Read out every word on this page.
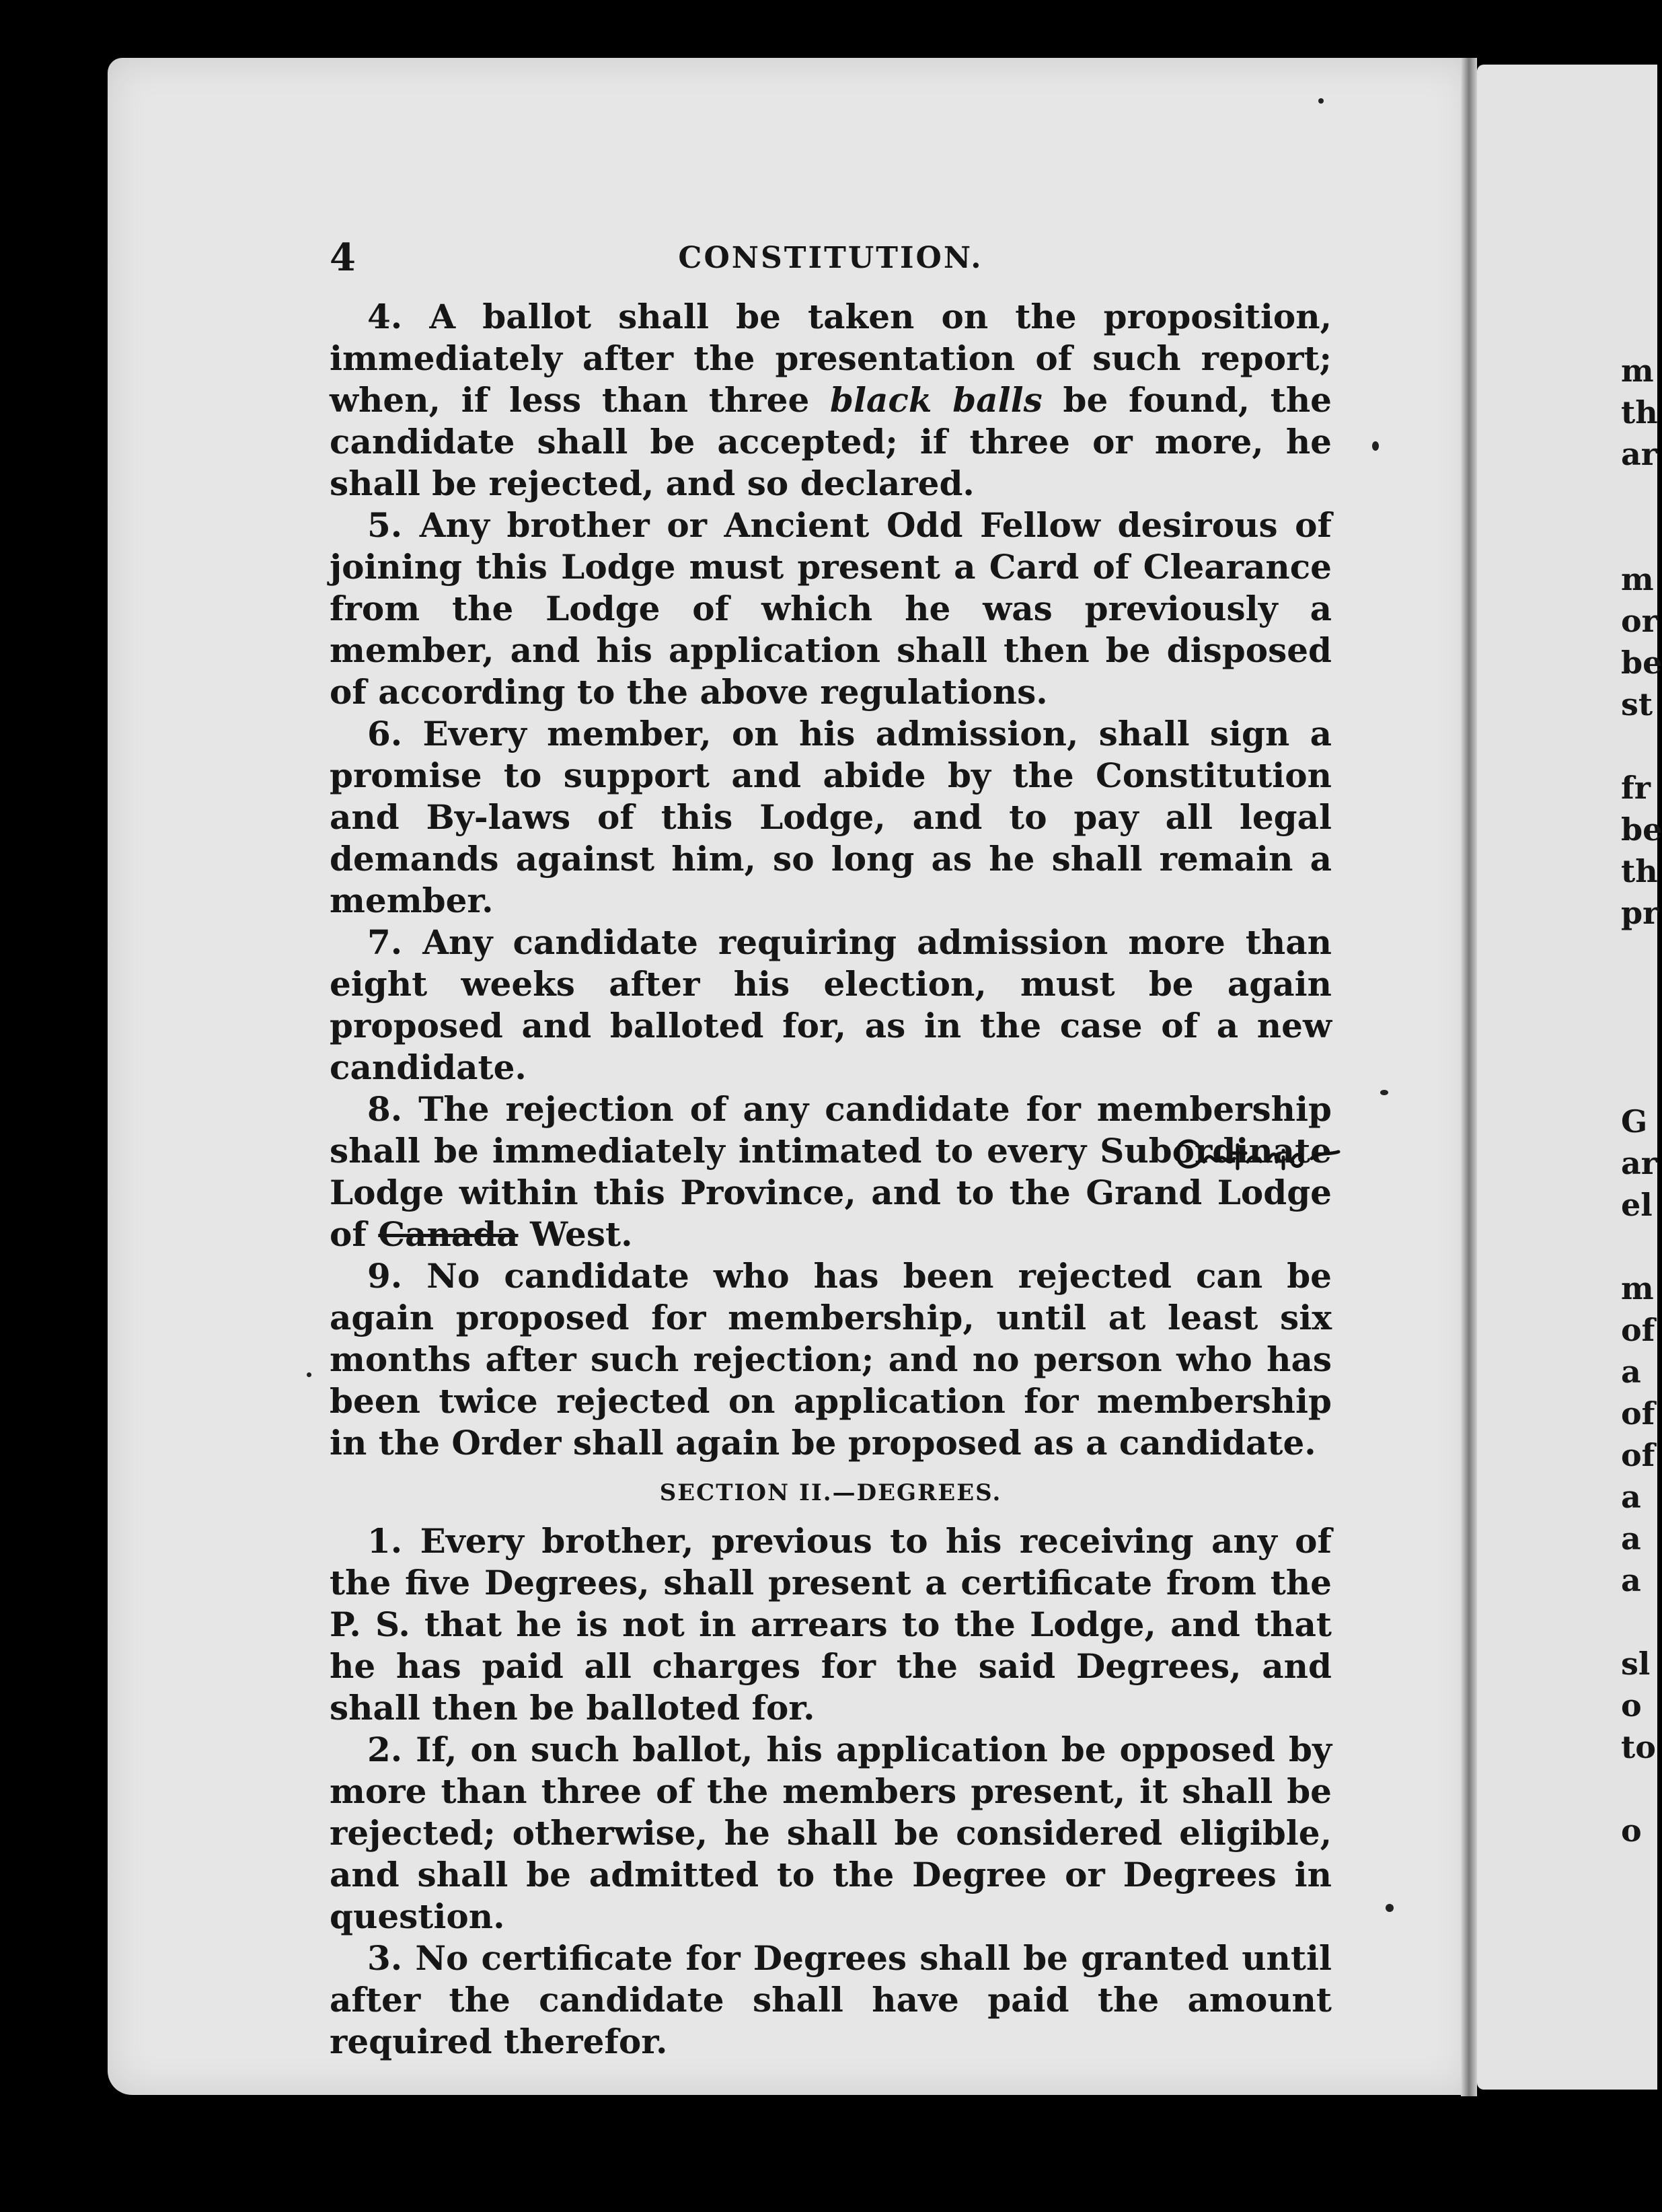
4	CONSTITUTION.

4. A ballot shall be taken on the proposition, immediately after the presentation of such report; when, if less than three black balls be found, the candidate shall be accepted; if three or more, he shall be rejected, and so declared.

5. Any brother or Ancient Odd Fellow desirous of joining this Lodge must present a Card of Clearance from the Lodge of which he was previously a member, and his application shall then be disposed of according to the above regulations.

6. Every member, on his admission, shall sign a promise to support and abide by the Constitution and By-laws of this Lodge, and to pay all legal demands against him, so long as he shall remain a member.

7. Any candidate requiring admission more than eight weeks after his election, must be again proposed and balloted for, as in the case of a new candidate.

8. The rejection of any candidate for membership shall be immediately intimated to every Subordinate Lodge within this Province, and to the Grand Lodge of Canada West.

9. No candidate who has been rejected can be again proposed for membership, until at least six months after such rejection; and no person who has been twice rejected on application for membership in the Order shall again be proposed as a candidate.

SECTION II.—DEGREES.

1. Every brother, previous to his receiving any of the five Degrees, shall present a certificate from the P. S. that he is not in arrears to the Lodge, and that he has paid all charges for the said Degrees, and shall then be balloted for.

2. If, on such ballot, his application be opposed by more than three of the members present, it shall be rejected; otherwise, he shall be considered eligible, and shall be admitted to the Degree or Degrees in question.

3. No certificate for Degrees shall be granted until after the candidate shall have paid the amount required therefor.

m
th
ar
m
or
be
st
fr
be
th
pr
G
ar
el
m
of
a
of
of
a
a
a
sl
o
to
o
